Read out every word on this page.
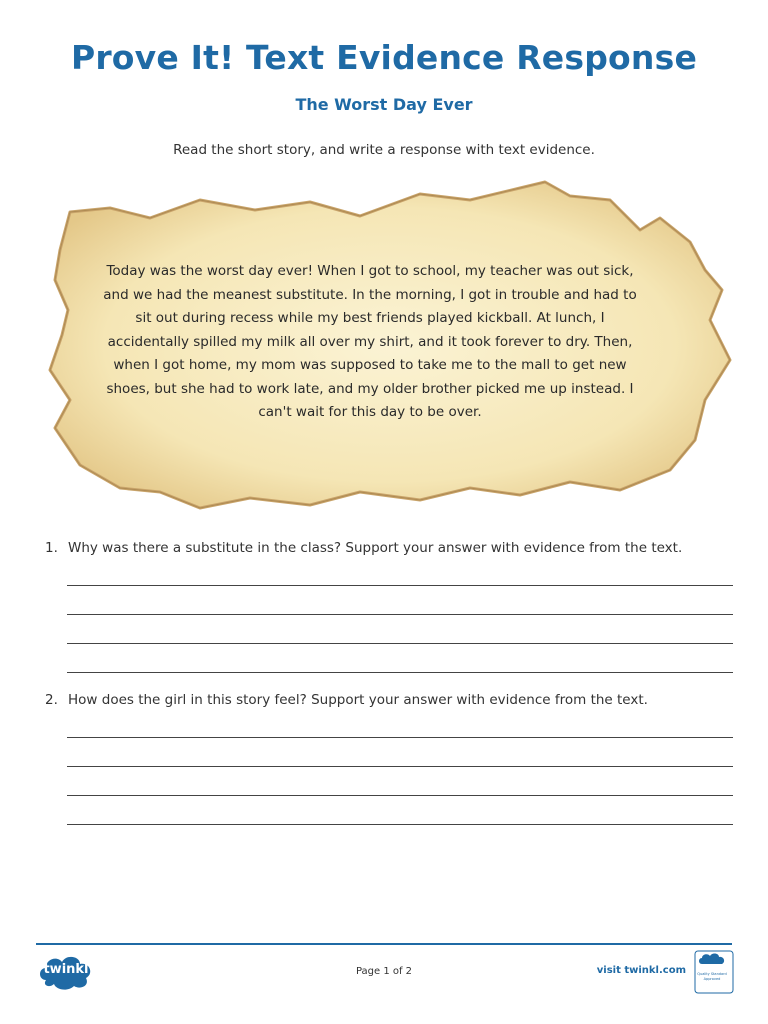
Prove It! Text Evidence Response
The Worst Day Ever
Read the short story, and write a response with text evidence.
Today was the worst day ever! When I got to school, my teacher was out sick, and we had the meanest substitute. In the morning, I got in trouble and had to sit out during recess while my best friends played kickball. At lunch, I accidentally spilled my milk all over my shirt, and it took forever to dry. Then, when I got home, my mom was supposed to take me to the mall to get new shoes, but she had to work late, and my older brother picked me up instead. I can't wait for this day to be over.
1. Why was there a substitute in the class? Support your answer with evidence from the text.
2. How does the girl in this story feel? Support your answer with evidence from the text.
twinkl	Page 1 of 2	visit twinkl.com
twinkl
Quality Standard Approved
